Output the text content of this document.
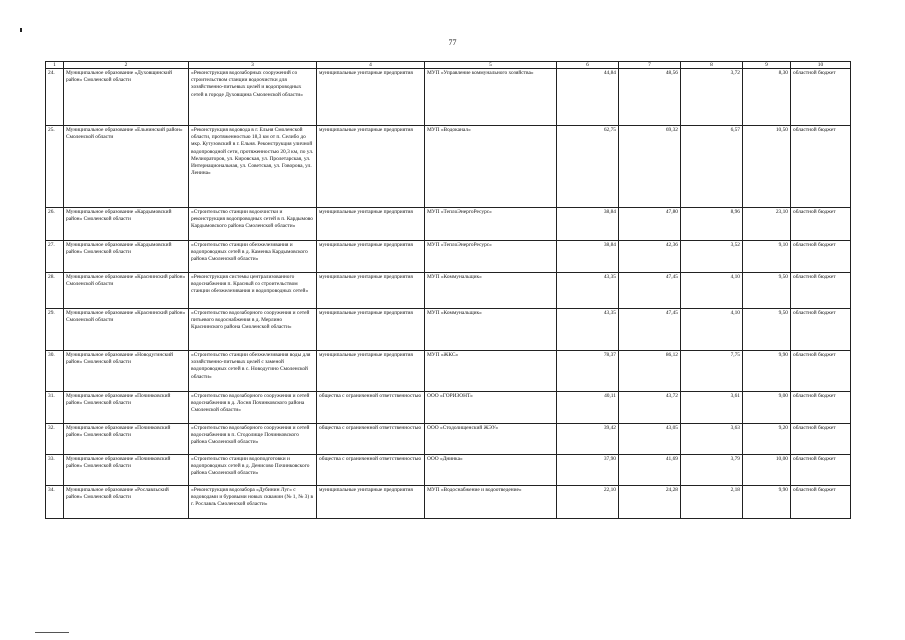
77
1	2	3	4	5	6	7	8	9	10
24.	Муниципальное образование «Духовщинский район» Смоленской области	«Реконструкция водозаборных сооружений со строительством станции водоочистки для хозяйственно-питьевых целей и водопроводных сетей в городе Духовщина Смоленской области»	муниципальные унитарные предприятия	МУП «Управление коммунального хозяйства»	44,84	48,56	3,72	8,30	областной бюджет
25.	Муниципальное образование «Ельнинский район» Смоленской области	«Реконструкция водовода в г. Ельня Смоленской области, протяженностью 18,3 км от п. Селибо до мкр. Кутузовский в г. Ельня. Реконструкция уличной водопроводной сети, протяженностью 20,3 км, по ул. Мелиораторов, ул. Кировская, ул. Пролетарская, ул. Интернациональная, ул. Советская, ул. Говорова, ул. Ленина»	муниципальные унитарные предприятия	МУП «Водоканал»	62,75	69,32	6,57	10,50	областной бюджет
26.	Муниципальное образование «Кардымовский район» Смоленской области	«Строительство станции водоочистки и реконструкция водопроводных сетей в п. Кардымово Кардымовского района Смоленской области»	муниципальные унитарные предприятия	МУП «ТеплоЭнергоРесурс»	38,84	47,80	8,96	23,10	областной бюджет
27.	Муниципальное образование «Кардымовский район» Смоленской области	«Строительство станции обезжелезивания и водопроводных сетей в д. Каменка Кардымовского района Смоленской области»	муниципальные унитарные предприятия	МУП «ТеплоЭнергоРесурс»	38,84	42,36	3,52	9,10	областной бюджет
28.	Муниципальное образование «Краснинский район» Смоленской области	«Реконструкция системы централизованного водоснабжения п. Красный со строительством станции обезжелезивания и водопроводных сетей»	муниципальные унитарные предприятия	МУП «Коммунальщик»	43,35	47,45	4,10	9,50	областной бюджет
29.	Муниципальное образование «Краснинский район» Смоленской области	«Строительство водозаборного сооружения и сетей питьевого водоснабжения в д. Мерлино Краснинского района Смоленской области»	муниципальные унитарные предприятия	МУП «Коммунальщик»	43,35	47,45	4,10	9,50	областной бюджет
30.	Муниципальное образование «Новодугинский район» Смоленской области	«Строительство станции обезжелезивания воды для хозяйственно-питьевых целей с заменой водопроводных сетей в с. Новодугино Смоленской области»	муниципальные унитарные предприятия	МУП «ЖКС»	78,37	86,12	7,75	9,90	областной бюджет
31.	Муниципальное образование «Починковский район» Смоленской области	«Строительство водозаборного сооружения и сетей водоснабжения в д. Лосня Починковского района Смоленской области»	общества с ограниченной ответственностью	ООО «ГОРИЗОНТ»	40,11	43,72	3,61	9,00	областной бюджет
32.	Муниципальное образование «Починковский район» Смоленской области	«Строительство водозаборного сооружения и сетей водоснабжения в п. Стодолище Починковского района Смоленской области»	общества с ограниченной ответственностью	ООО «Стодолищенский ЖЭУ»	39,42	43,05	3,63	9,20	областной бюджет
33.	Муниципальное образование «Починковский район» Смоленской области	«Строительство станции водоподготовки и водопроводных сетей в д. Денисово Починковского района Смоленской области»	общества с ограниченной ответственностью	ООО «Днинка»	37,90	41,69	3,79	10,00	областной бюджет
34.	Муниципальное образование «Рославльский район» Смоленской области	«Реконструкция водозабора «Дубинин Луг» с водоводами и буровыми новых скважин (№ 1, № 3) в г. Рославль Смоленской области»	муниципальные унитарные предприятия	МУП «Водоснабжение и водоотведение»	22,10	24,28	2,18	9,90	областной бюджет
